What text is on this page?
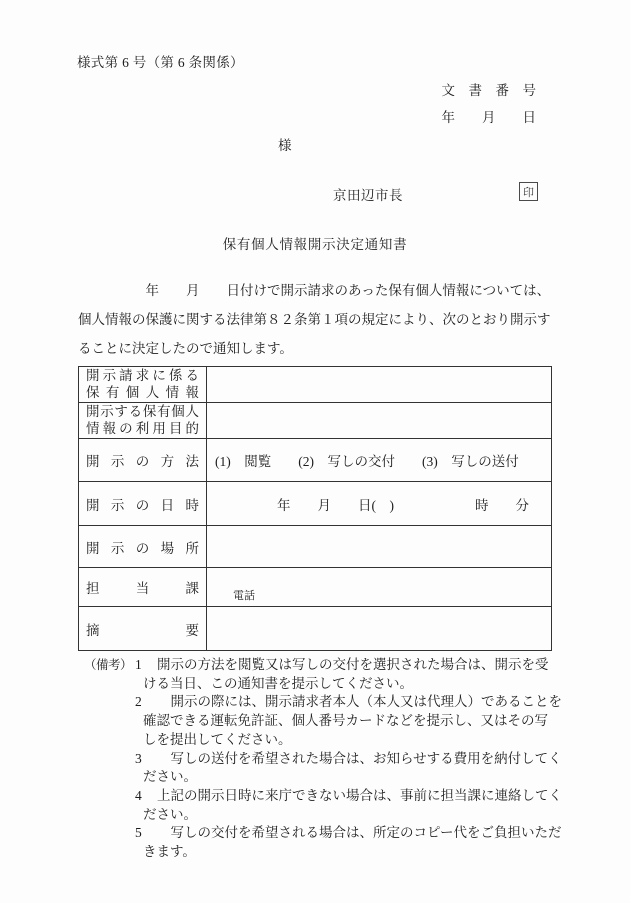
様式第 6 号（第 6 条関係）
文　書　番　号
年　　月　　日
様
京田辺市長	印
保有個人情報開示決定通知書
　　　　　年　　月　　日付けで開示請求のあった保有個人情報については、
個人情報の保護に関する法律第８２条第１項の規定により、次のとおり開示す
ることに決定したので通知します。
開示請求に係る
保有個人情報	

開示する保有個人
情報の利用目的	

開示の方法	(1)　閲覧　　(2)　写しの交付　　(3)　写しの送付
開示の日時	　　　　年　　月　　日(　)　　　　　　時　　分
開示の場所	
担当課	電話

摘要	
（備考） 1	開示の方法を閲覧又は写しの交付を選択された場合は、開示を受
ける当日、この通知書を提示してください。
2	　開示の際には、開示請求者本人（本人又は代理人）であることを
確認できる運転免許証、個人番号カードなどを提示し、又はその写
しを提出してください。
3	　写しの送付を希望された場合は、お知らせする費用を納付してく
ださい。
4	上記の開示日時に来庁できない場合は、事前に担当課に連絡してく
ださい。
5	　写しの交付を希望される場合は、所定のコピー代をご負担いただ
きます。
